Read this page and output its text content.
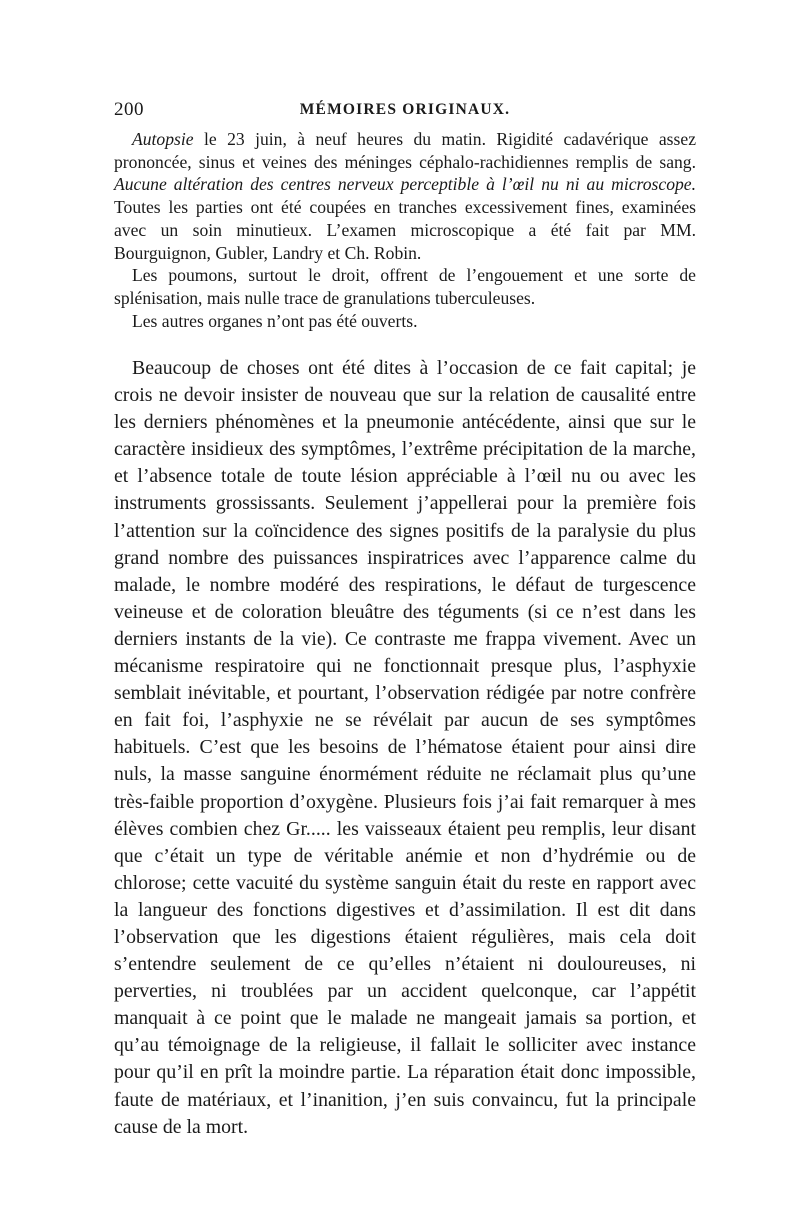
200	MÉMOIRES ORIGINAUX.

Autopsie le 23 juin, à neuf heures du matin. Rigidité cadavérique assez prononcée, sinus et veines des méninges céphalo-rachidiennes remplis de sang. Aucune altération des centres nerveux perceptible à l’œil nu ni au microscope. Toutes les parties ont été coupées en tranches excessivement fines, examinées avec un soin minutieux. L’examen microscopique a été fait par MM. Bourguignon, Gubler, Landry et Ch. Robin.

Les poumons, surtout le droit, offrent de l’engouement et une sorte de splénisation, mais nulle trace de granulations tuberculeuses.

Les autres organes n’ont pas été ouverts.

Beaucoup de choses ont été dites à l’occasion de ce fait capital; je crois ne devoir insister de nouveau que sur la relation de causalité entre les derniers phénomènes et la pneumonie antécédente, ainsi que sur le caractère insidieux des symptômes, l’extrême précipitation de la marche, et l’absence totale de toute lésion appréciable à l’œil nu ou avec les instruments grossissants. Seulement j’appellerai pour la première fois l’attention sur la coïncidence des signes positifs de la paralysie du plus grand nombre des puissances inspiratrices avec l’apparence calme du malade, le nombre modéré des respirations, le défaut de turgescence veineuse et de coloration bleuâtre des téguments (si ce n’est dans les derniers instants de la vie). Ce contraste me frappa vivement. Avec un mécanisme respiratoire qui ne fonctionnait presque plus, l’asphyxie semblait inévitable, et pourtant, l’observation rédigée par notre confrère en fait foi, l’asphyxie ne se révélait par aucun de ses symptômes habituels. C’est que les besoins de l’hématose étaient pour ainsi dire nuls, la masse sanguine énormément réduite ne réclamait plus qu’une très-faible proportion d’oxygène. Plusieurs fois j’ai fait remarquer à mes élèves combien chez Gr..... les vaisseaux étaient peu remplis, leur disant que c’était un type de véritable anémie et non d’hydrémie ou de chlorose; cette vacuité du système sanguin était du reste en rapport avec la langueur des fonctions digestives et d’assimilation. Il est dit dans l’observation que les digestions étaient régulières, mais cela doit s’entendre seulement de ce qu’elles n’étaient ni douloureuses, ni perverties, ni troublées par un accident quelconque, car l’appétit manquait à ce point que le malade ne mangeait jamais sa portion, et qu’au témoignage de la religieuse, il fallait le solliciter avec instance pour qu’il en prît la moindre partie. La réparation était donc impossible, faute de matériaux, et l’inanition, j’en suis convaincu, fut la principale cause de la mort.
